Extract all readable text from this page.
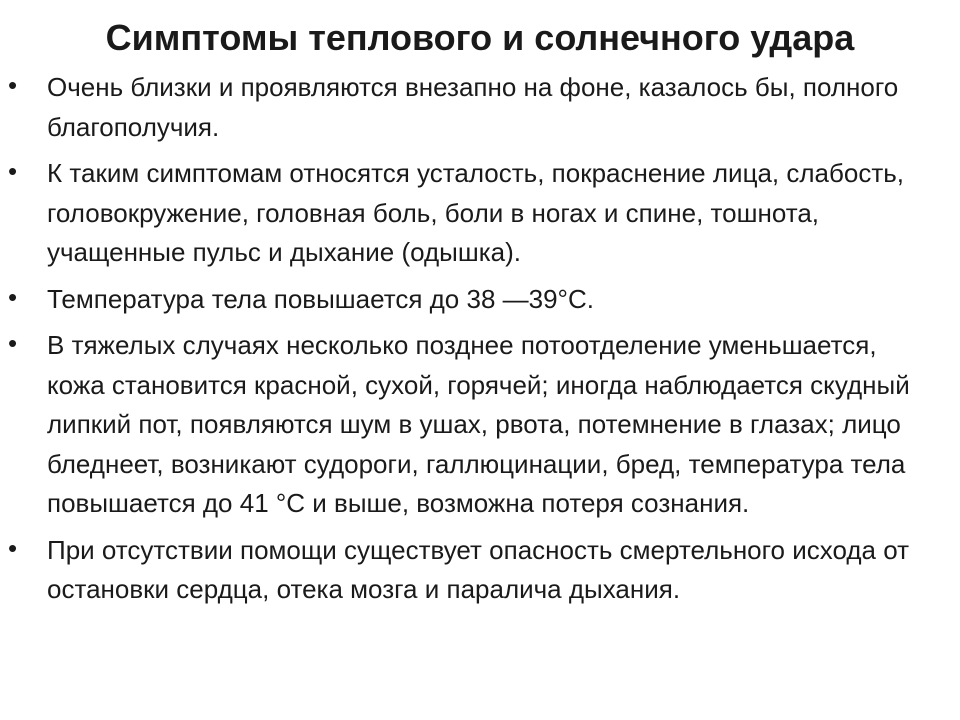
Симптомы теплового и солнечного удара
• Очень близки и проявляются внезапно на фоне, казалось бы, полного благополучия.
• К таким симптомам относятся усталость, покраснение лица, слабость, головокружение, головная боль, боли в ногах и спине, тошнота, учащенные пульс и дыхание (одышка).
• Температура тела повышается до 38 —39°С.
• В тяжелых случаях несколько позднее потоотделение уменьшается, кожа становится красной, сухой, горячей; иногда наблюдается скудный липкий пот, появляются шум в ушах, рвота, потемнение в глазах; лицо бледнеет, возникают судороги, галлюцинации, бред, температура тела повышается до 41 °С и выше, возможна потеря сознания.
• При отсутствии помощи существует опасность смертельного исхода от остановки сердца, отека мозга и паралича дыхания.
